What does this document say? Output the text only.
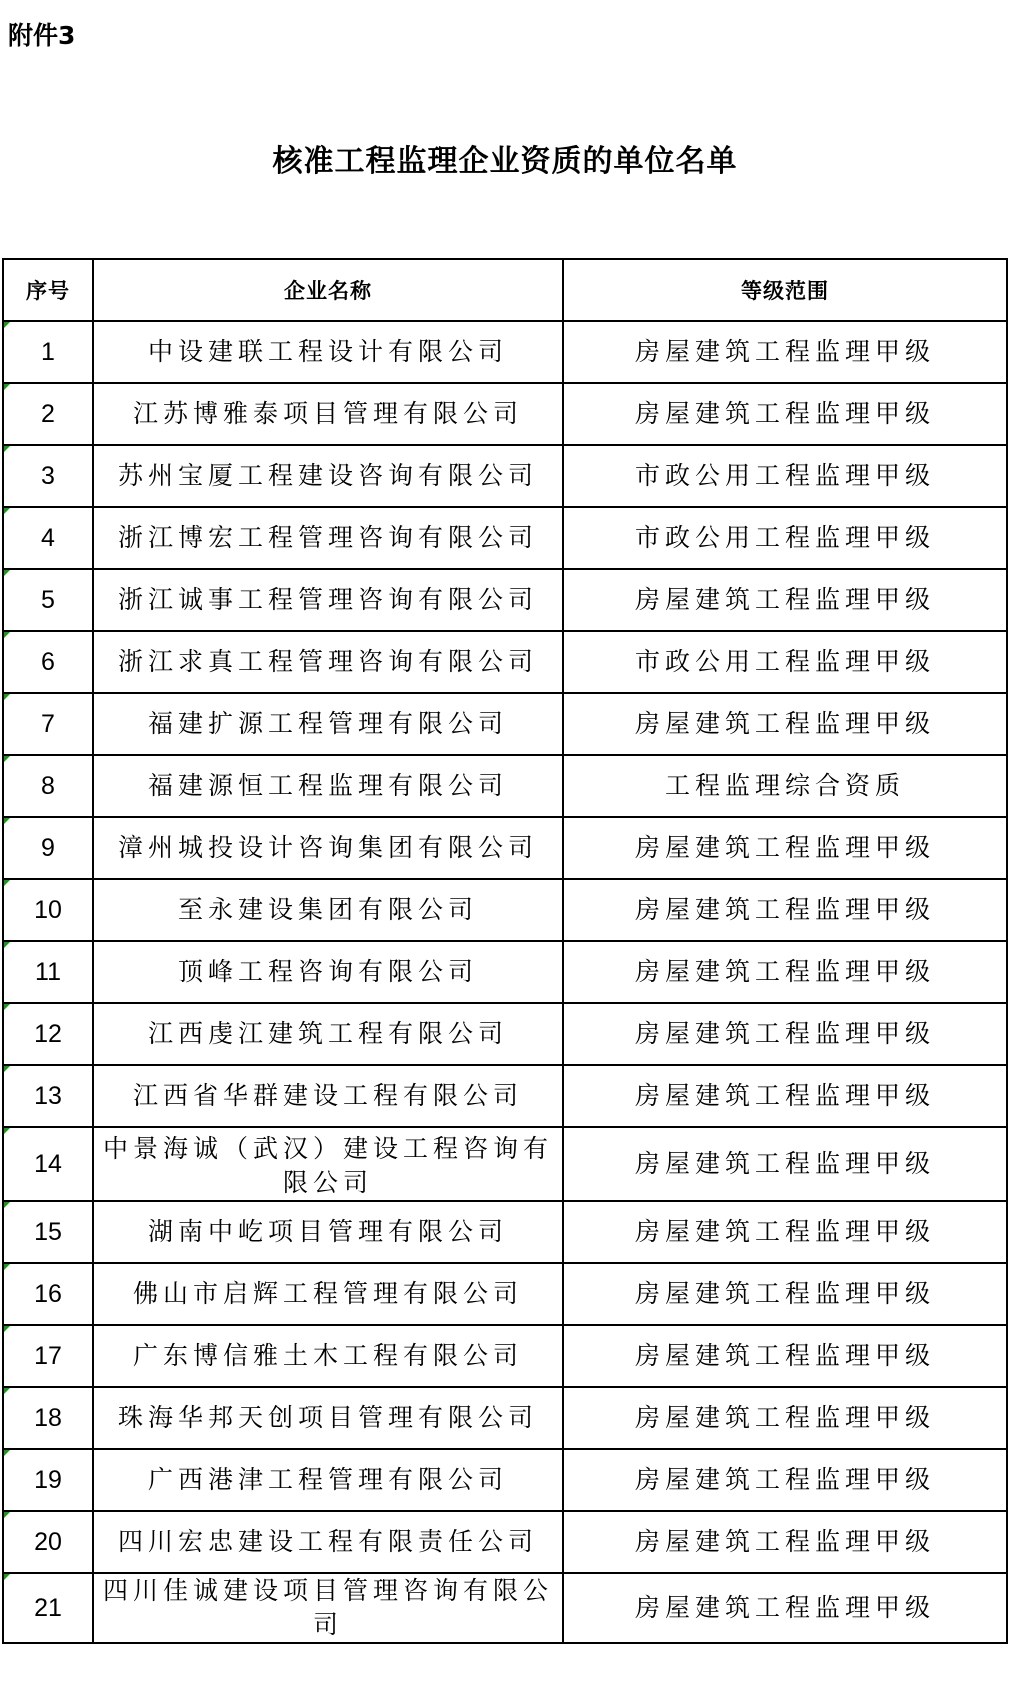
附件3
核准工程监理企业资质的单位名单
序号	企业名称	等级范围
1	中设建联工程设计有限公司	房屋建筑工程监理甲级
2	江苏博雅泰项目管理有限公司	房屋建筑工程监理甲级
3	苏州宝厦工程建设咨询有限公司	市政公用工程监理甲级
4	浙江博宏工程管理咨询有限公司	市政公用工程监理甲级
5	浙江诚事工程管理咨询有限公司	房屋建筑工程监理甲级
6	浙江求真工程管理咨询有限公司	市政公用工程监理甲级
7	福建扩源工程管理有限公司	房屋建筑工程监理甲级
8	福建源恒工程监理有限公司	工程监理综合资质
9	漳州城投设计咨询集团有限公司	房屋建筑工程监理甲级
10	至永建设集团有限公司	房屋建筑工程监理甲级
11	顶峰工程咨询有限公司	房屋建筑工程监理甲级
12	江西虔江建筑工程有限公司	房屋建筑工程监理甲级
13	江西省华群建设工程有限公司	房屋建筑工程监理甲级
14	中景海诚（武汉）建设工程咨询有限公司	房屋建筑工程监理甲级
15	湖南中屹项目管理有限公司	房屋建筑工程监理甲级
16	佛山市启辉工程管理有限公司	房屋建筑工程监理甲级
17	广东博信雅土木工程有限公司	房屋建筑工程监理甲级
18	珠海华邦天创项目管理有限公司	房屋建筑工程监理甲级
19	广西港津工程管理有限公司	房屋建筑工程监理甲级
20	四川宏忠建设工程有限责任公司	房屋建筑工程监理甲级
21	四川佳诚建设项目管理咨询有限公司	房屋建筑工程监理甲级
